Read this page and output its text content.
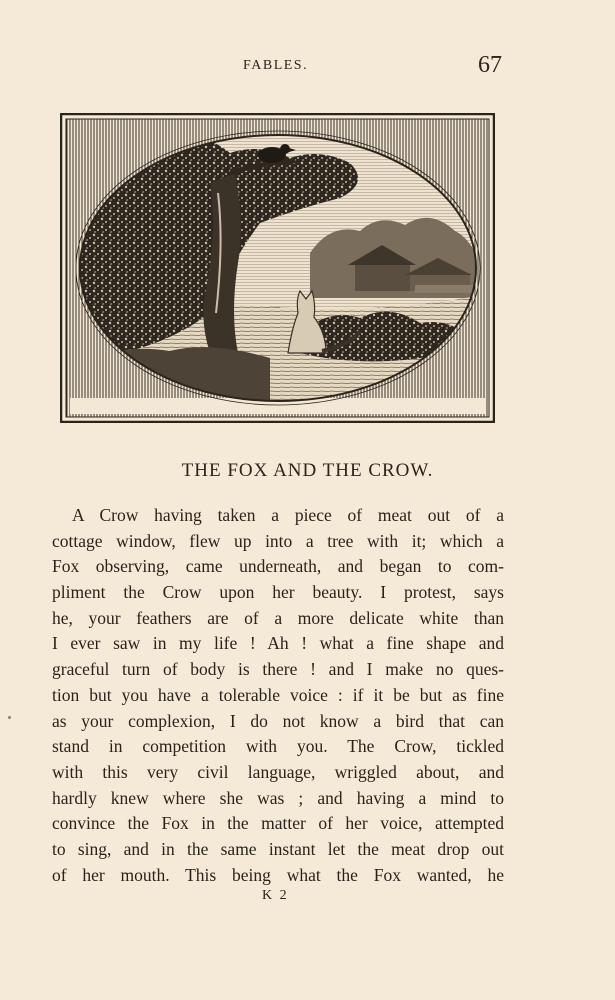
FABLES.	67
THE FOX AND THE CROW.
A Crow having taken a piece of meat out of a
cottage window, flew up into a tree with it; which a
Fox observing, came underneath, and began to com-
pliment the Crow upon her beauty. I protest, says
he, your feathers are of a more delicate white than
I ever saw in my life ! Ah ! what a fine shape and
graceful turn of body is there ! and I make no ques-
tion but you have a tolerable voice : if it be but as fine
as your complexion, I do not know a bird that can
stand in competition with you. The Crow, tickled
with this very civil language, wriggled about, and
hardly knew where she was ; and having a mind to
convince the Fox in the matter of her voice, attempted
to sing, and in the same instant let the meat drop out
of her mouth. This being what the Fox wanted, he
K 2
